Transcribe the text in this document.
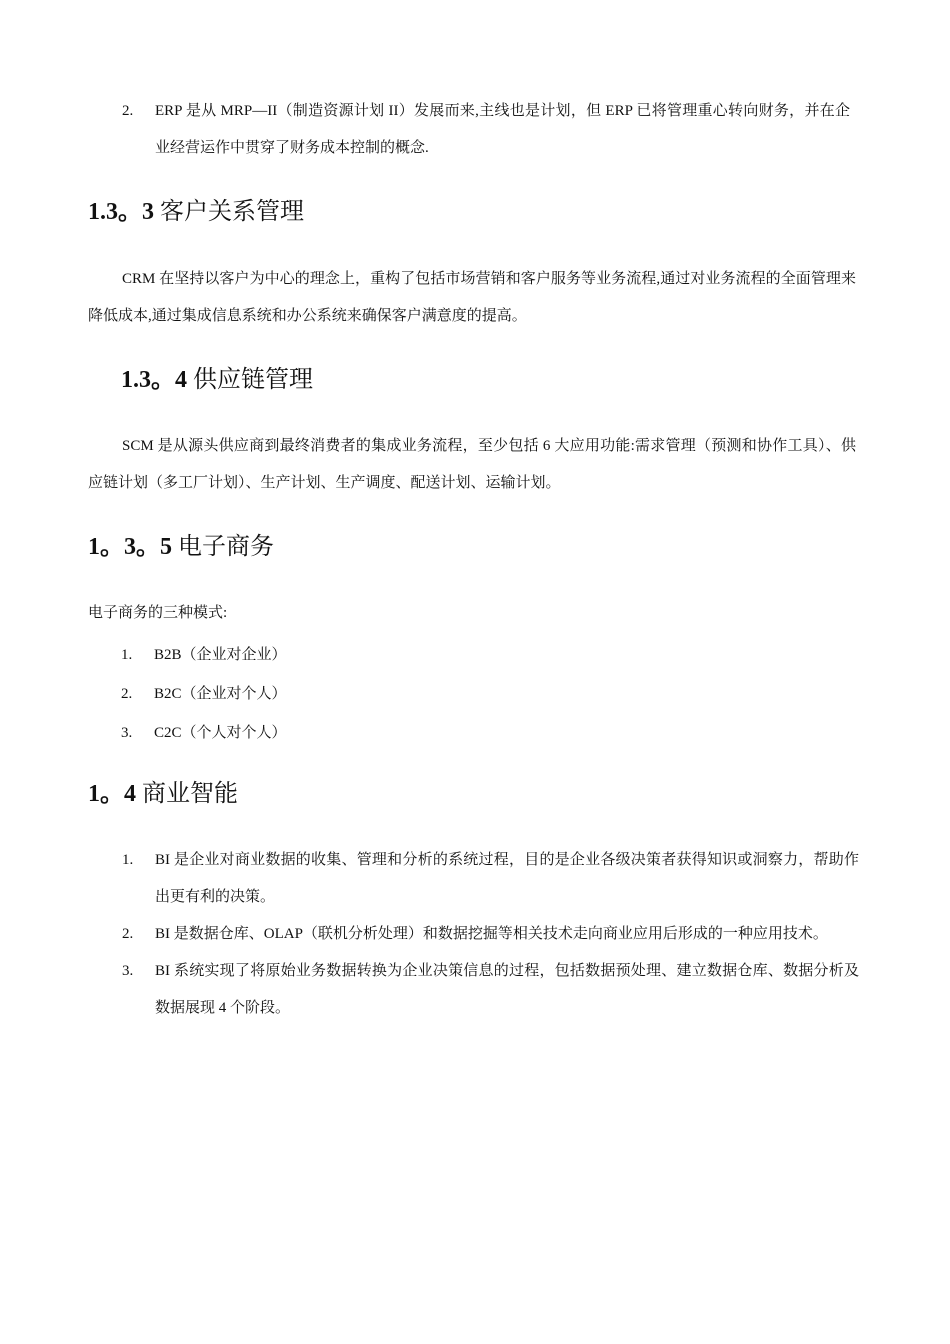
2.	ERP 是从 MRP—II（制造资源计划 II）发展而来,主线也是计划，但 ERP 已将管理重心转向财务，并在企业经营运作中贯穿了财务成本控制的概念.
1.3。3 客户关系管理
CRM 在坚持以客户为中心的理念上，重构了包括市场营销和客户服务等业务流程,通过对业务流程的全面管理来降低成本,通过集成信息系统和办公系统来确保客户满意度的提高。
1.3。4 供应链管理
SCM 是从源头供应商到最终消费者的集成业务流程，至少包括 6 大应用功能:需求管理（预测和协作工具）、供应链计划（多工厂计划）、生产计划、生产调度、配送计划、运输计划。
1。3。5 电子商务
电子商务的三种模式:
1.	B2B（企业对企业）
2.	B2C（企业对个人）
3.	C2C（个人对个人）
1。4 商业智能
1.	BI 是企业对商业数据的收集、管理和分析的系统过程，目的是企业各级决策者获得知识或洞察力，帮助作出更有利的决策。
2.	BI 是数据仓库、OLAP（联机分析处理）和数据挖掘等相关技术走向商业应用后形成的一种应用技术。
3.	BI 系统实现了将原始业务数据转换为企业决策信息的过程，包括数据预处理、建立数据仓库、数据分析及数据展现 4 个阶段。
